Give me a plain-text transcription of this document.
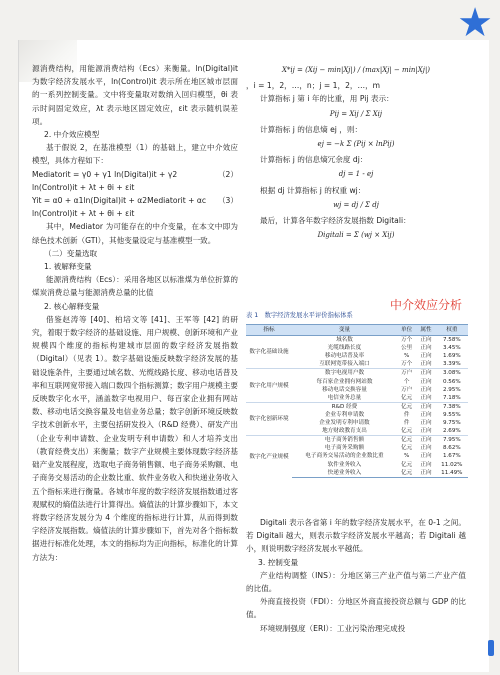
★

源消费结构，用能源消费结构（Ecs）来衡量。ln(Digital)it 为数字经济发展水平，ln(Control)it 表示所在地区城市层面的一系列控制变量。文中将变量取对数纳入回归模型，θi 表示时间固定效应，λt 表示地区固定效应，εit 表示随机误差项。

2. 中介效应模型

基于假说 2，在基准模型（1）的基础上，建立中介效应模型，具体方程如下：

Mediatorit = γ0 + γ1 ln(Digital)it + γ2 ln(Control)it + λt + θi + εit
（2）

Yit = α0 + α1ln(Digital)it + α2Mediatorit + αc ln(Control)it + λt + θi + εit
（3）

其中，Mediator 为可能存在的中介变量，在本文中即为绿色技术创新（GTI），其他变量设定与基准模型一致。

（二）变量选取

1. 被解释变量

能源消费结构（Ecs）：采用各地区以标准煤为单位折算的煤炭消费总量与能源消费总量的比值

2. 核心解释变量

借鉴赵涛等 [40]、柏培文等 [41]、王军等 [42] 的研究，着眼于数字经济的基础设施、用户规模、创新环境和产业规模四个维度的指标构建城市层面的数字经济发展指数（Digital）（见表 1）。数字基础设施反映数字经济发展的基础设施条件，主要通过域名数、光缆线路长度、移动电话普及率和互联网宽带接入端口数四个指标测算；数字用户规模主要反映数字化水平，涵盖数字电视用户、每百家企业拥有网站数、移动电话交换容量及电信业务总量；数字创新环境反映数字技术创新水平，主要包括研发投入（R&D 经费）、研发产出（企业专利申请数、企业发明专利申请数）和人才培养支出（教育经费支出）来衡量；数字产业规模主要体现数字经济基础产业发展程度，选取电子商务销售额、电子商务采购额、电子商务交易活动的企业数比重、软件业务收入和快递业务收入五个指标来进行衡量。各城市年度的数字经济发展指数通过客观赋权的熵值法进行计算得出。熵值法的计算步骤如下，本文将数字经济发展分为 4 个维度的指标进行计算，从而得到数字经济发展指数。熵值法的计算步骤如下，首先对各个指标数据进行标准化处理，本文的指标均为正向指标，标准化的计算方法为：

X*ij = (Xij − min|Xj|) / (max|Xj| − min|Xj|)

，i = 1，2，…，n；j = 1，2，…，m

计算指标 j 第 i 年的比重，用 Pij 表示：

Pij = Xij / Σ Xij

计算指标 j 的信息熵 ej ，则：

ej = −k Σ (Pij × lnPij)

计算指标 j 的信息熵冗余度 dj：

dj = 1 - ej

根据 dj 计算指标 j 的权重 wj：

wj = dj / Σ dj

最后，计算各年数字经济发展指数 Digitali：

Digitali = Σ (wj × Xij)
中介效应分析
表 1　数字经济发展水平评价指标体系
指标	变量	单位	属性	权重
数字化基础设施	域名数	万个	正向	7.58%
	光缆线路长度	公里	正向	3.45%
	移动电话普及率	%	正向	1.69%
	互联网宽带接入端口	万个	正向	3.39%
数字化用户规模	数字电视用户数	万户	正向	3.08%
	每百家企业拥有网站数	个	正向	0.56%
	移动电话交换容量	万户	正向	2.95%
	电信业务总量	亿元	正向	7.18%
数字化创新环境	R&D 经费	亿元	正向	7.38%
	企业专利申请数	件	正向	9.55%
	企业发明专利申请数	件	正向	9.75%
	地方财政教育支出	亿元	正向	2.69%
数字化产业规模	电子商务销售额	亿元	正向	7.95%
	电子商务采购额	亿元	正向	8.62%
	电子商务交易活动的企业数比重	%	正向	1.67%
	软件业务收入	亿元	正向	11.02%
	快递业务收入	亿元	正向	11.49%

Digitali 表示各省第 i 年的数字经济发展水平，在 0-1 之间。若 Digitali 越大，则表示数字经济发展水平越高；若 Digitali 越小，则说明数字经济发展水平越低。

3. 控制变量

产业结构调整（INS）：分地区第三产业产值与第二产业产值的比值。

外商直接投资（FDI）：分地区外商直接投资总额与 GDP 的比值。

环境规制强度（ERI）：工业污染治理完成投
